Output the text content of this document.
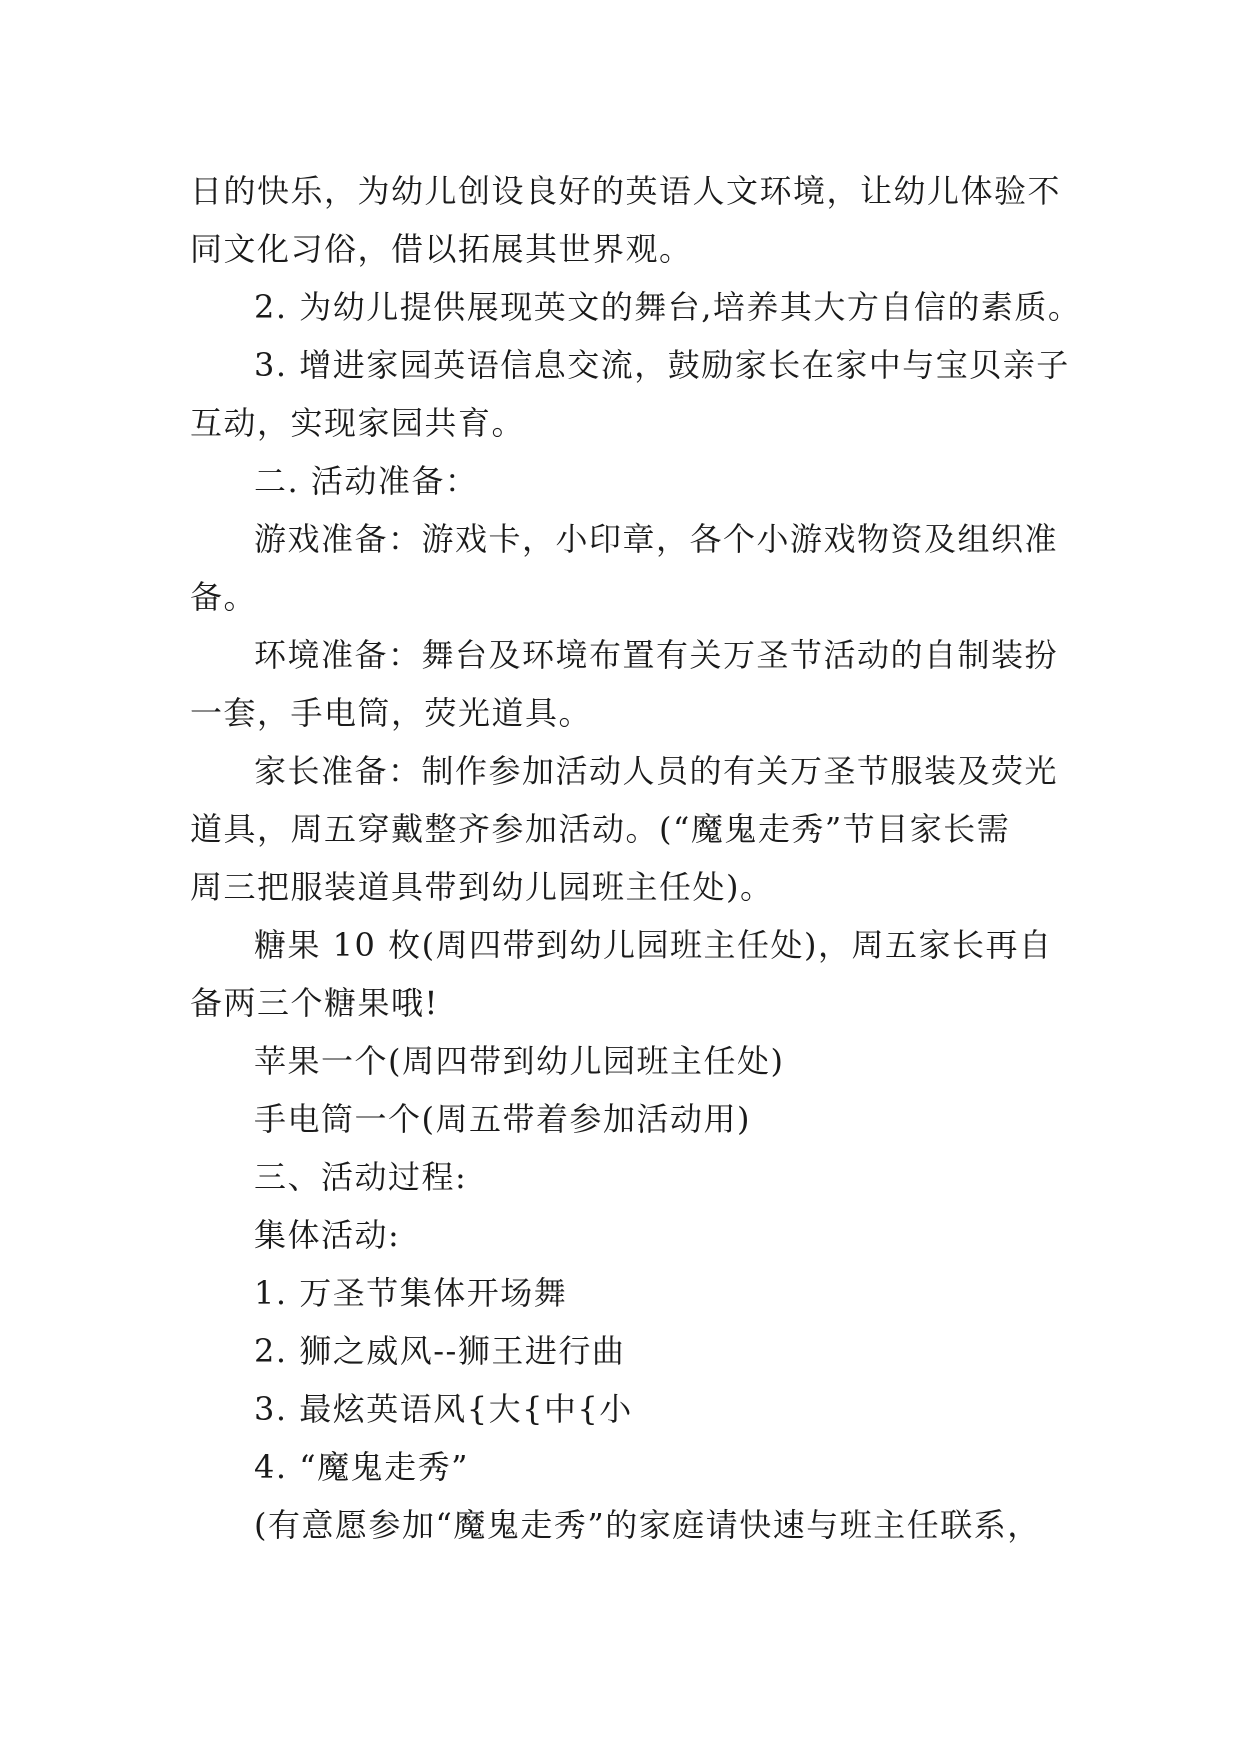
日的快乐，为幼儿创设良好的英语人文环境，让幼儿体验不
同文化习俗，借以拓展其世界观。
2. 为幼儿提供展现英文的舞台,培养其大方自信的素质。
3. 增进家园英语信息交流，鼓励家长在家中与宝贝亲子
互动，实现家园共育。
二. 活动准备：
游戏准备：游戏卡，小印章，各个小游戏物资及组织准
备。
环境准备：舞台及环境布置有关万圣节活动的自制装扮
一套，手电筒，荧光道具。
家长准备：制作参加活动人员的有关万圣节服装及荧光
道具，周五穿戴整齐参加活动。(“魔鬼走秀”节目家长需
周三把服装道具带到幼儿园班主任处)。
糖果 10 枚(周四带到幼儿园班主任处)，周五家长再自
备两三个糖果哦!
苹果一个(周四带到幼儿园班主任处)
手电筒一个(周五带着参加活动用)
三、活动过程:
集体活动:
1. 万圣节集体开场舞
2. 狮之威风--狮王进行曲
3. 最炫英语风{大{中{小
4. “魔鬼走秀”
(有意愿参加“魔鬼走秀”的家庭请快速与班主任联系，
